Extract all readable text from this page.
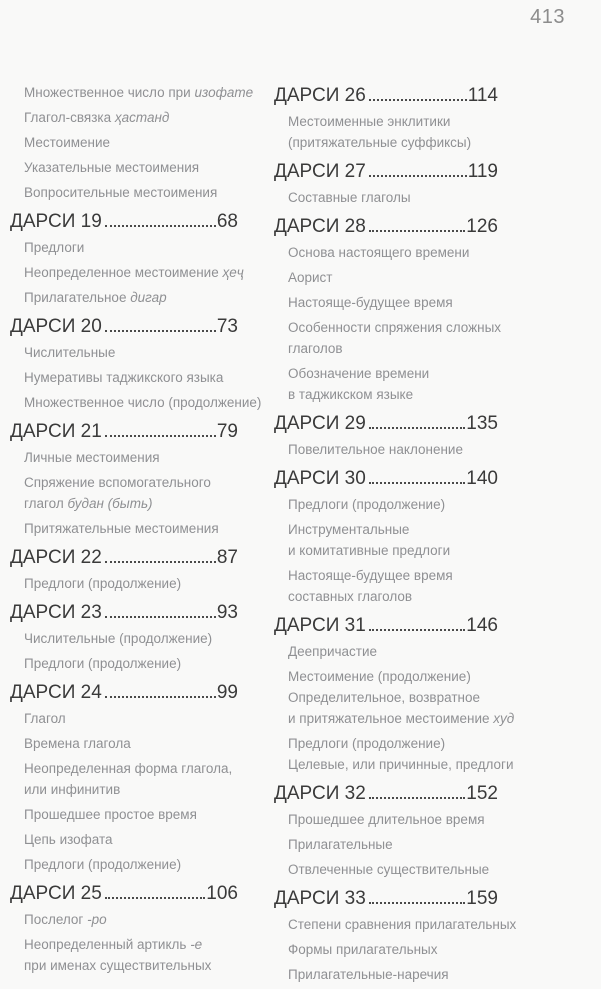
413
Множественное число при изофате
Глагол-связка ҳастанд
Местоимение
Указательные местоимения
Вопросительные местоимения
ДАРСИ 19	68
Предлоги
Неопределенное местоимение ҳеҷ
Прилагательное дигар
ДАРСИ 20	73
Числительные
Нумеративы таджикского языка
Множественное число (продолжение)
ДАРСИ 21	79
Личные местоимения
Спряжение вспомогательного
глагол будан (быть)
Притяжательные местоимения
ДАРСИ 22	87
Предлоги (продолжение)
ДАРСИ 23	93
Числительные (продолжение)
Предлоги (продолжение)
ДАРСИ 24	99
Глагол
Времена глагола
Неопределенная форма глагола,
или инфинитив
Прошедшее простое время
Цепь изофата
Предлоги (продолжение)
ДАРСИ 25	106
Послелог -ро
Неопределенный артикль -е
при именах существительных
ДАРСИ 26	114
Местоименные энклитики
(притяжательные суффиксы)
ДАРСИ 27	119
Составные глаголы
ДАРСИ 28	126
Основа настоящего времени
Аорист
Настояще-будущее время
Особенности спряжения сложных
глаголов
Обозначение времени
в таджикском языке
ДАРСИ 29	135
Повелительное наклонение
ДАРСИ 30	140
Предлоги (продолжение)
Инструментальные
и комитативные предлоги
Настояще-будущее время
составных глаголов
ДАРСИ 31	146
Деепричастие
Местоимение (продолжение)
Определительное, возвратное
и притяжательное местоимение худ
Предлоги (продолжение)
Целевые, или причинные, предлоги
ДАРСИ 32	152
Прошедшее длительное время
Прилагательные
Отвлеченные существительные
ДАРСИ 33	159
Степени сравнения прилагательных
Формы прилагательных
Прилагательные-наречия
